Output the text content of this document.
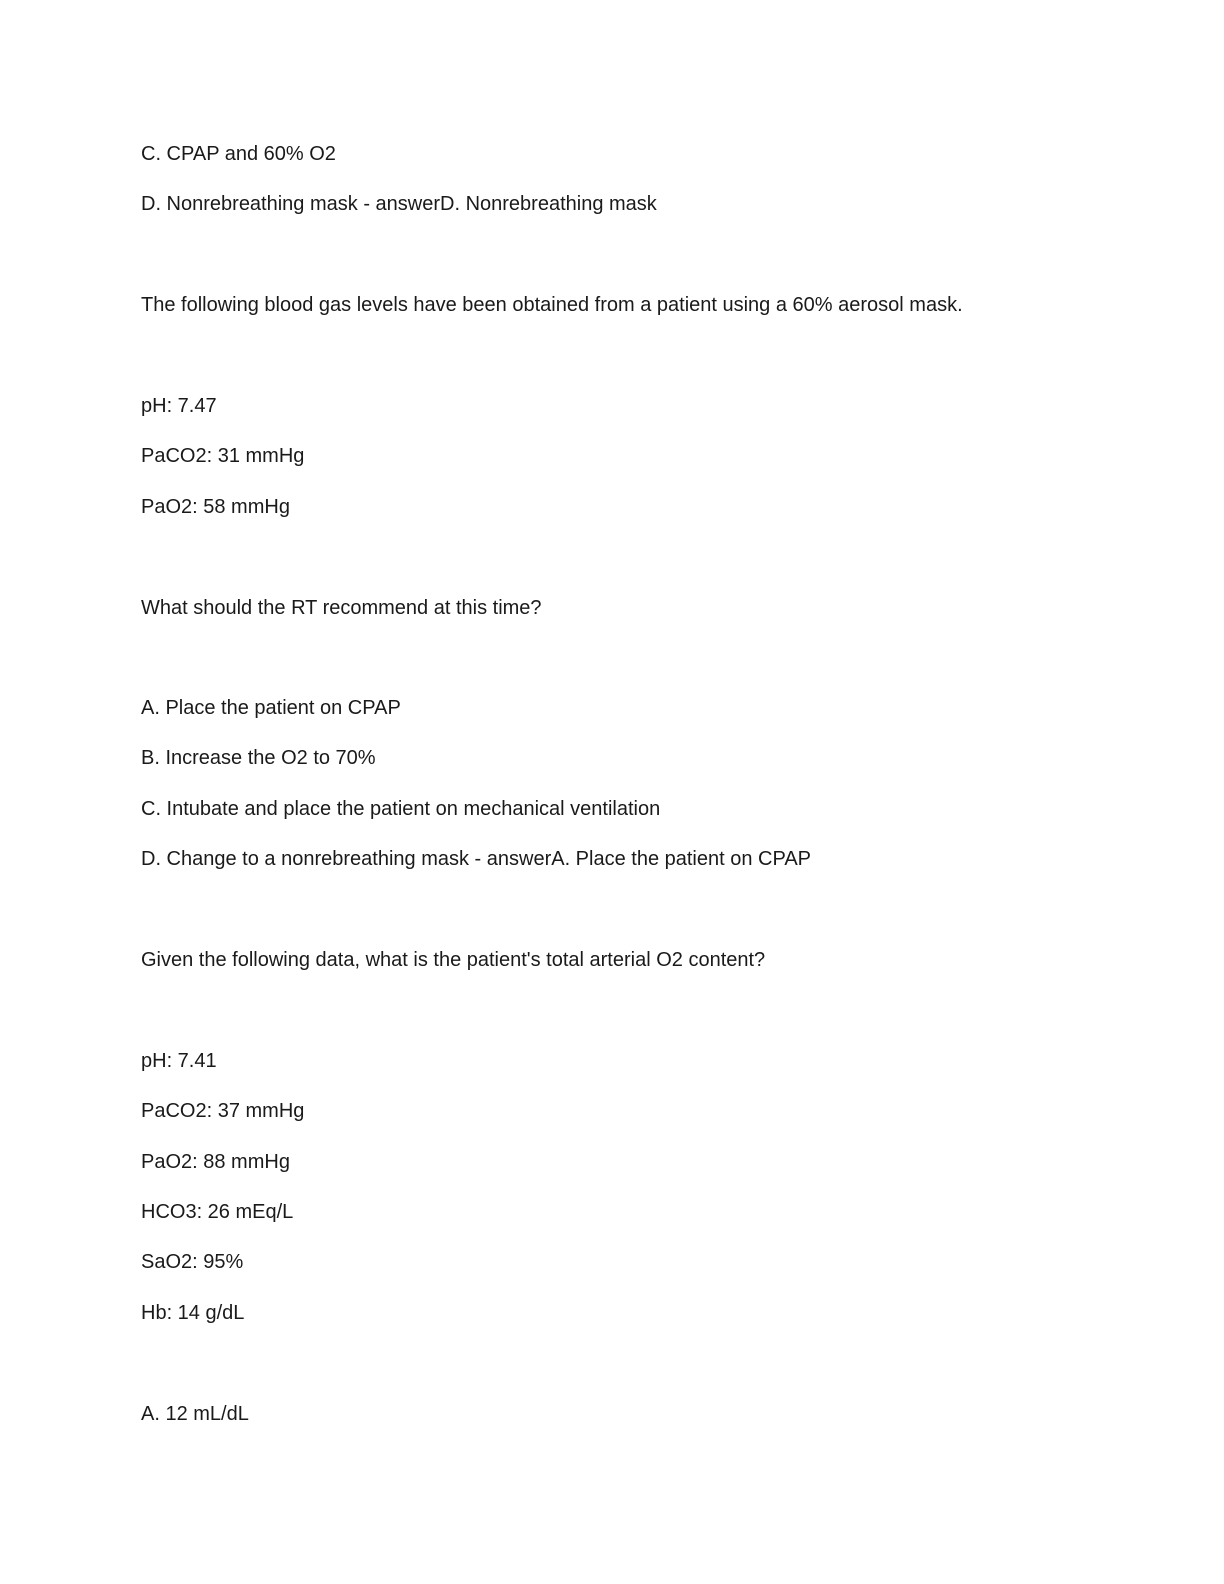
C. CPAP and 60% O2

D. Nonrebreathing mask - answerD. Nonrebreathing mask

The following blood gas levels have been obtained from a patient using a 60% aerosol mask.

pH: 7.47

PaCO2: 31 mmHg

PaO2: 58 mmHg

What should the RT recommend at this time?

A. Place the patient on CPAP

B. Increase the O2 to 70%

C. Intubate and place the patient on mechanical ventilation

D. Change to a nonrebreathing mask - answerA. Place the patient on CPAP

Given the following data, what is the patient's total arterial O2 content?

pH: 7.41

PaCO2: 37 mmHg

PaO2: 88 mmHg

HCO3: 26 mEq/L

SaO2: 95%

Hb: 14 g/dL

A. 12 mL/dL
